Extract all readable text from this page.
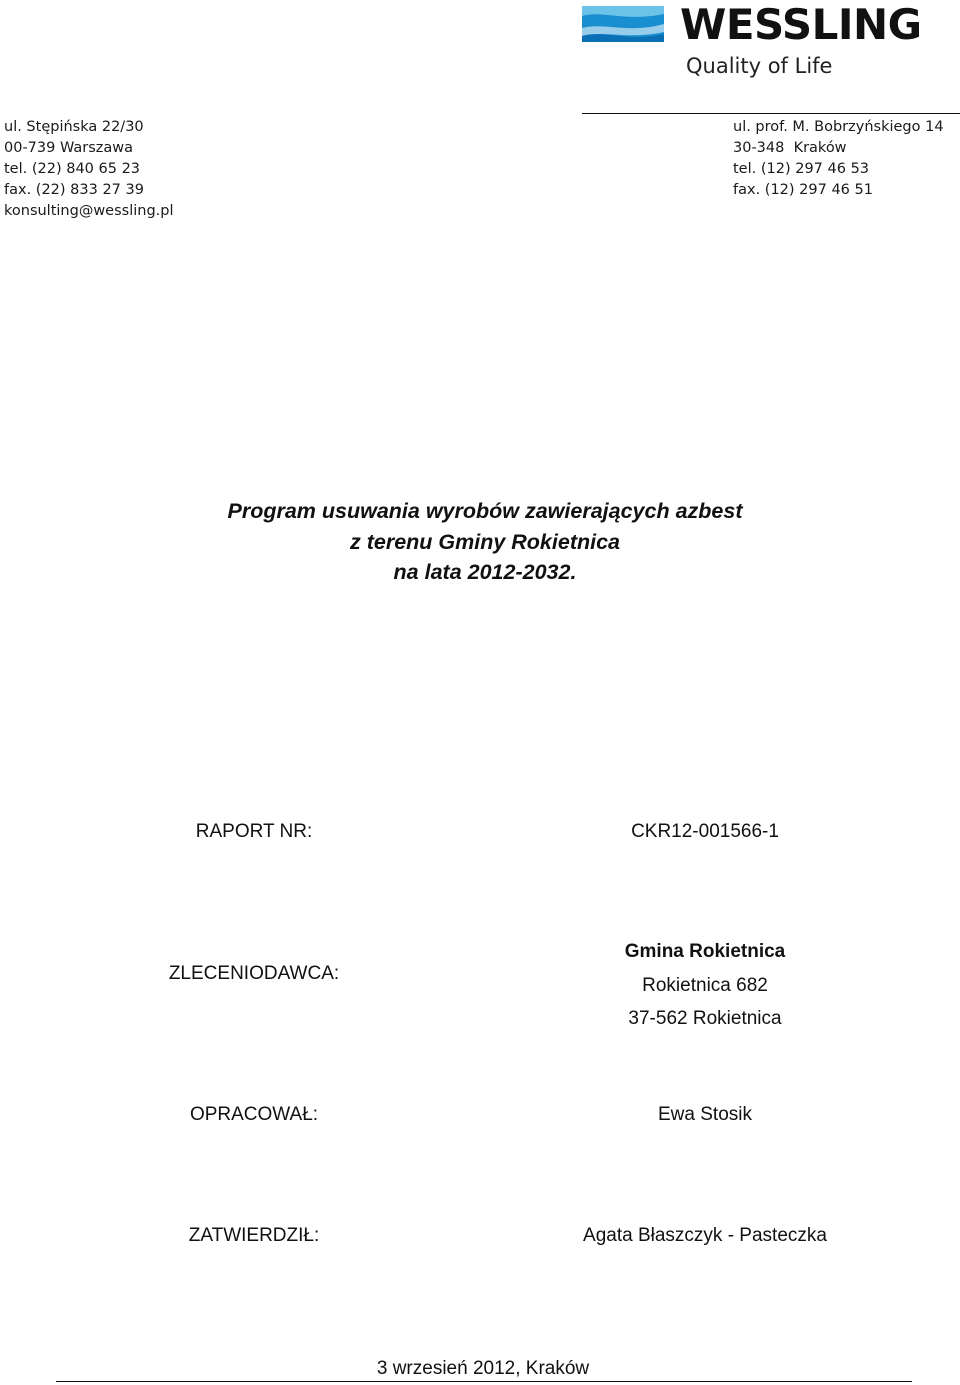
WESSLING
Quality of Life
ul. Stępińska 22/30
00-739 Warszawa
tel. (22) 840 65 23
fax. (22) 833 27 39
konsulting@wessling.pl
ul. prof. M. Bobrzyńskiego 14
30-348  Kraków
tel. (12) 297 46 53
fax. (12) 297 46 51
Program usuwania wyrobów zawierających azbest
z terenu Gminy Rokietnica
na lata 2012-2032.
RAPORT NR:	CKR12-001566-1
ZLECENIODAWCA:
Gmina Rokietnica
Rokietnica 682
37-562 Rokietnica
OPRACOWAŁ:	Ewa Stosik
ZATWIERDZIŁ:	Agata Błaszczyk - Pasteczka
3 wrzesień 2012, Kraków
